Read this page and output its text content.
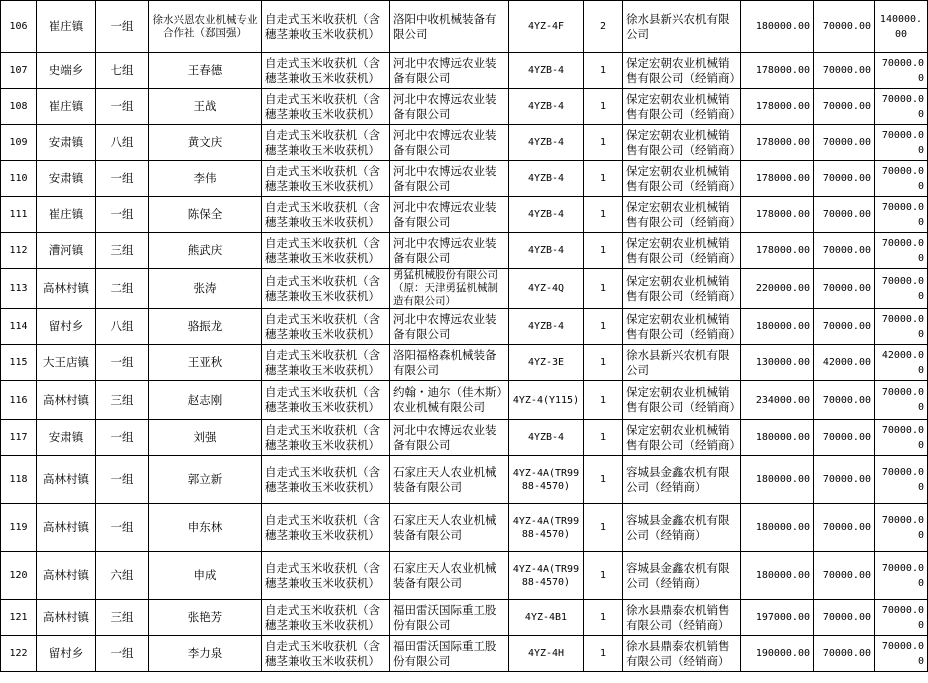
106	崔庄镇	一组	徐水兴恩农业机械专业合作社（郄国强）	自走式玉米收获机（含穗茎兼收玉米收获机）	洛阳中收机械装备有限公司	4YZ-4F	2	徐水县新兴农机有限公司	180000.00	70000.00	140000.00
107	史端乡	七组	王春德	自走式玉米收获机（含穗茎兼收玉米收获机）	河北中农博远农业装备有限公司	4YZB-4	1	保定宏朝农业机械销售有限公司（经销商）	178000.00	70000.00	70000.00
108	崔庄镇	一组	王战	自走式玉米收获机（含穗茎兼收玉米收获机）	河北中农博远农业装备有限公司	4YZB-4	1	保定宏朝农业机械销售有限公司（经销商）	178000.00	70000.00	70000.00
109	安肃镇	八组	黄文庆	自走式玉米收获机（含穗茎兼收玉米收获机）	河北中农博远农业装备有限公司	4YZB-4	1	保定宏朝农业机械销售有限公司（经销商）	178000.00	70000.00	70000.00
110	安肃镇	一组	李伟	自走式玉米收获机（含穗茎兼收玉米收获机）	河北中农博远农业装备有限公司	4YZB-4	1	保定宏朝农业机械销售有限公司（经销商）	178000.00	70000.00	70000.00
111	崔庄镇	一组	陈保全	自走式玉米收获机（含穗茎兼收玉米收获机）	河北中农博远农业装备有限公司	4YZB-4	1	保定宏朝农业机械销售有限公司（经销商）	178000.00	70000.00	70000.00
112	漕河镇	三组	熊武庆	自走式玉米收获机（含穗茎兼收玉米收获机）	河北中农博远农业装备有限公司	4YZB-4	1	保定宏朝农业机械销售有限公司（经销商）	178000.00	70000.00	70000.00
113	高林村镇	二组	张涛	自走式玉米收获机（含穗茎兼收玉米收获机）	勇猛机械股份有限公司（原：天津勇猛机械制造有限公司）	4YZ-4Q	1	保定宏朝农业机械销售有限公司（经销商）	220000.00	70000.00	70000.00
114	留村乡	八组	骆振龙	自走式玉米收获机（含穗茎兼收玉米收获机）	河北中农博远农业装备有限公司	4YZB-4	1	保定宏朝农业机械销售有限公司（经销商）	180000.00	70000.00	70000.00
115	大王店镇	一组	王亚秋	自走式玉米收获机（含穗茎兼收玉米收获机）	洛阳福格森机械装备有限公司	4YZ-3E	1	徐水县新兴农机有限公司	130000.00	42000.00	42000.00
116	高林村镇	三组	赵志刚	自走式玉米收获机（含穗茎兼收玉米收获机）	约翰・迪尔（佳木斯）农业机械有限公司	4YZ-4(Y115)	1	保定宏朝农业机械销售有限公司（经销商）	234000.00	70000.00	70000.00
117	安肃镇	一组	刘强	自走式玉米收获机（含穗茎兼收玉米收获机）	河北中农博远农业装备有限公司	4YZB-4	1	保定宏朝农业机械销售有限公司（经销商）	180000.00	70000.00	70000.00
118	高林村镇	一组	郭立新	自走式玉米收获机（含穗茎兼收玉米收获机）	石家庄天人农业机械装备有限公司	4YZ-4A(TR9988-4570)	1	容城县金鑫农机有限公司（经销商）	180000.00	70000.00	70000.00
119	高林村镇	一组	申东林	自走式玉米收获机（含穗茎兼收玉米收获机）	石家庄天人农业机械装备有限公司	4YZ-4A(TR9988-4570)	1	容城县金鑫农机有限公司（经销商）	180000.00	70000.00	70000.00
120	高林村镇	六组	申成	自走式玉米收获机（含穗茎兼收玉米收获机）	石家庄天人农业机械装备有限公司	4YZ-4A(TR9988-4570)	1	容城县金鑫农机有限公司（经销商）	180000.00	70000.00	70000.00
121	高林村镇	三组	张艳芳	自走式玉米收获机（含穗茎兼收玉米收获机）	福田雷沃国际重工股份有限公司	4YZ-4B1	1	徐水县鼎泰农机销售有限公司（经销商）	197000.00	70000.00	70000.00
122	留村乡	一组	李力泉	自走式玉米收获机（含穗茎兼收玉米收获机）	福田雷沃国际重工股份有限公司	4YZ-4H	1	徐水县鼎泰农机销售有限公司（经销商）	190000.00	70000.00	70000.00
